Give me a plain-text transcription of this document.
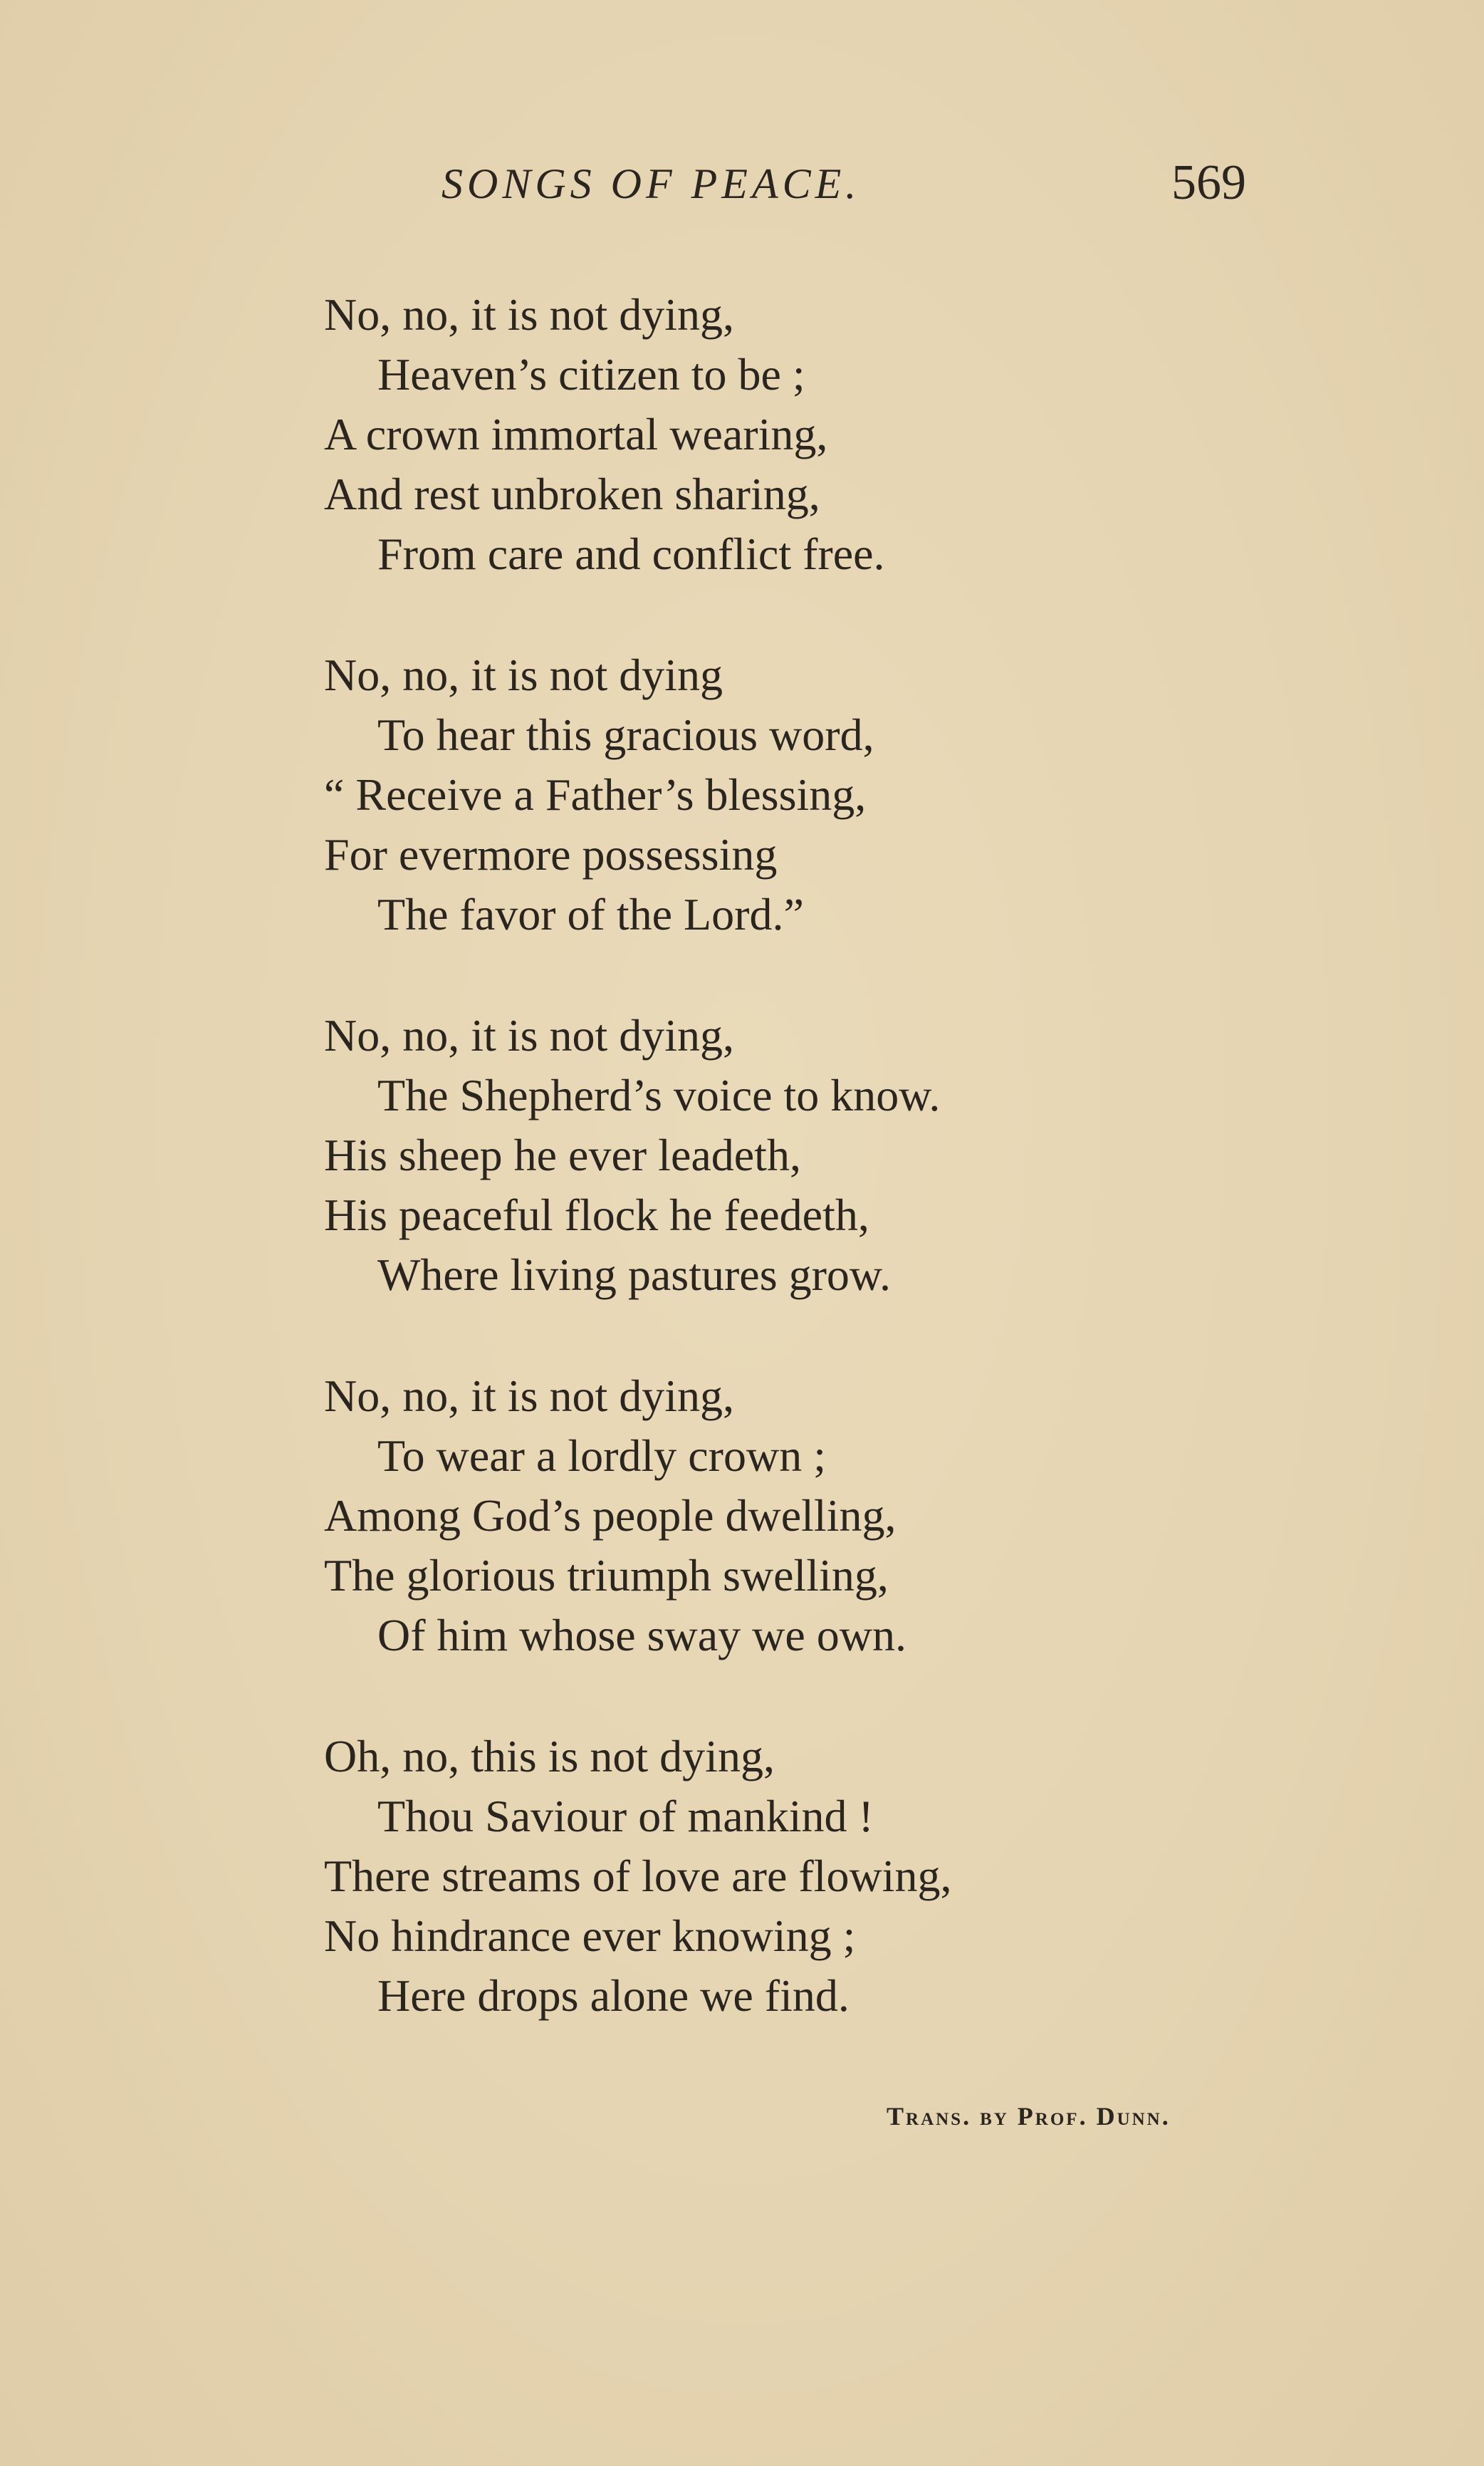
SONGS OF PEACE.	569
No, no, it is not dying,
Heaven’s citizen to be ;
A crown immortal wearing,
And rest unbroken sharing,
From care and conflict free.
No, no, it is not dying
To hear this gracious word,
“ Receive a Father’s blessing,
For evermore possessing
The favor of the Lord.”
No, no, it is not dying,
The Shepherd’s voice to know.
His sheep he ever leadeth,
His peaceful flock he feedeth,
Where living pastures grow.
No, no, it is not dying,
To wear a lordly crown ;
Among God’s people dwelling,
The glorious triumph swelling,
Of him whose sway we own.
Oh, no, this is not dying,
Thou Saviour of mankind !
There streams of love are flowing,
No hindrance ever knowing ;
Here drops alone we find.
Trans. by Prof. Dunn.
